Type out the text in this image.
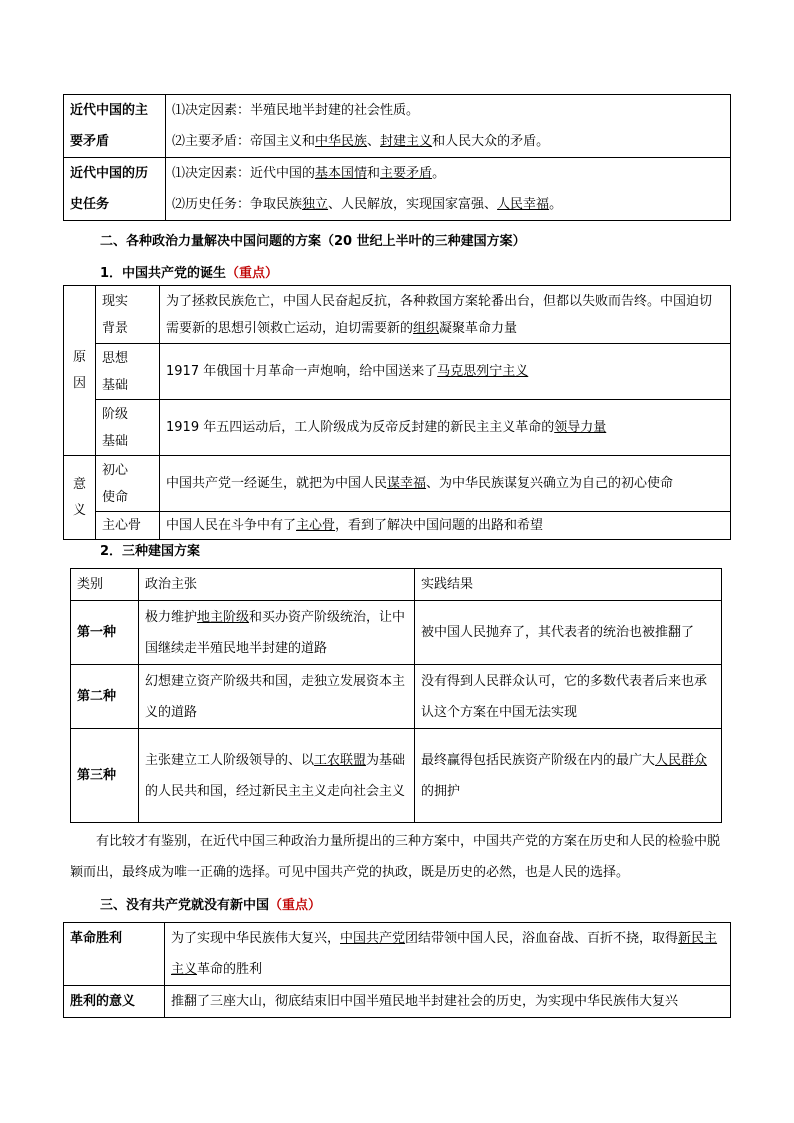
近代中国的主要矛盾	⑴决定因素：半殖民地半封建的社会性质。
⑵主要矛盾：帝国主义和中华民族、封建主义和人民大众的矛盾。

近代中国的历史任务	⑴决定因素：近代中国的基本国情和主要矛盾。
⑵历史任务：争取民族独立、人民解放，实现国家富强、人民幸福。
二、各种政治力量解决中国问题的方案（20 世纪上半叶的三种建国方案）
1．中国共产党的诞生（重点）
原因	现实背景	为了拯救民族危亡，中国人民奋起反抗，各种救国方案轮番出台，但都以失败而告终。中国迫切需要新的思想引领救亡运动，迫切需要新的组织凝聚革命力量
	思想基础	1917 年俄国十月革命一声炮响，给中国送来了马克思列宁主义
	阶级基础	1919 年五四运动后，工人阶级成为反帝反封建的新民主主义革命的领导力量
意义	初心使命	中国共产党一经诞生，就把为中国人民谋幸福、为中华民族谋复兴确立为自己的初心使命
	主心骨	中国人民在斗争中有了主心骨，看到了解决中国问题的出路和希望
2．三种建国方案
类别	政治主张	实践结果
第一种	极力维护地主阶级和买办资产阶级统治，让中国继续走半殖民地半封建的道路	被中国人民抛弃了，其代表者的统治也被推翻了
第二种	幻想建立资产阶级共和国，走独立发展资本主义的道路	没有得到人民群众认可，它的多数代表者后来也承认这个方案在中国无法实现
第三种	主张建立工人阶级领导的、以工农联盟为基础的人民共和国，经过新民主主义走向社会主义	最终赢得包括民族资产阶级在内的最广大人民群众的拥护
有比较才有鉴别，在近代中国三种政治力量所提出的三种方案中，中国共产党的方案在历史和人民的检验中脱颖而出，最终成为唯一正确的选择。可见中国共产党的执政，既是历史的必然，也是人民的选择。
三、没有共产党就没有新中国（重点）
革命胜利	为了实现中华民族伟大复兴，中国共产党团结带领中国人民，浴血奋战、百折不挠，取得新民主主义革命的胜利
胜利的意义	推翻了三座大山，彻底结束旧中国半殖民地半封建社会的历史，为实现中华民族伟大复兴
